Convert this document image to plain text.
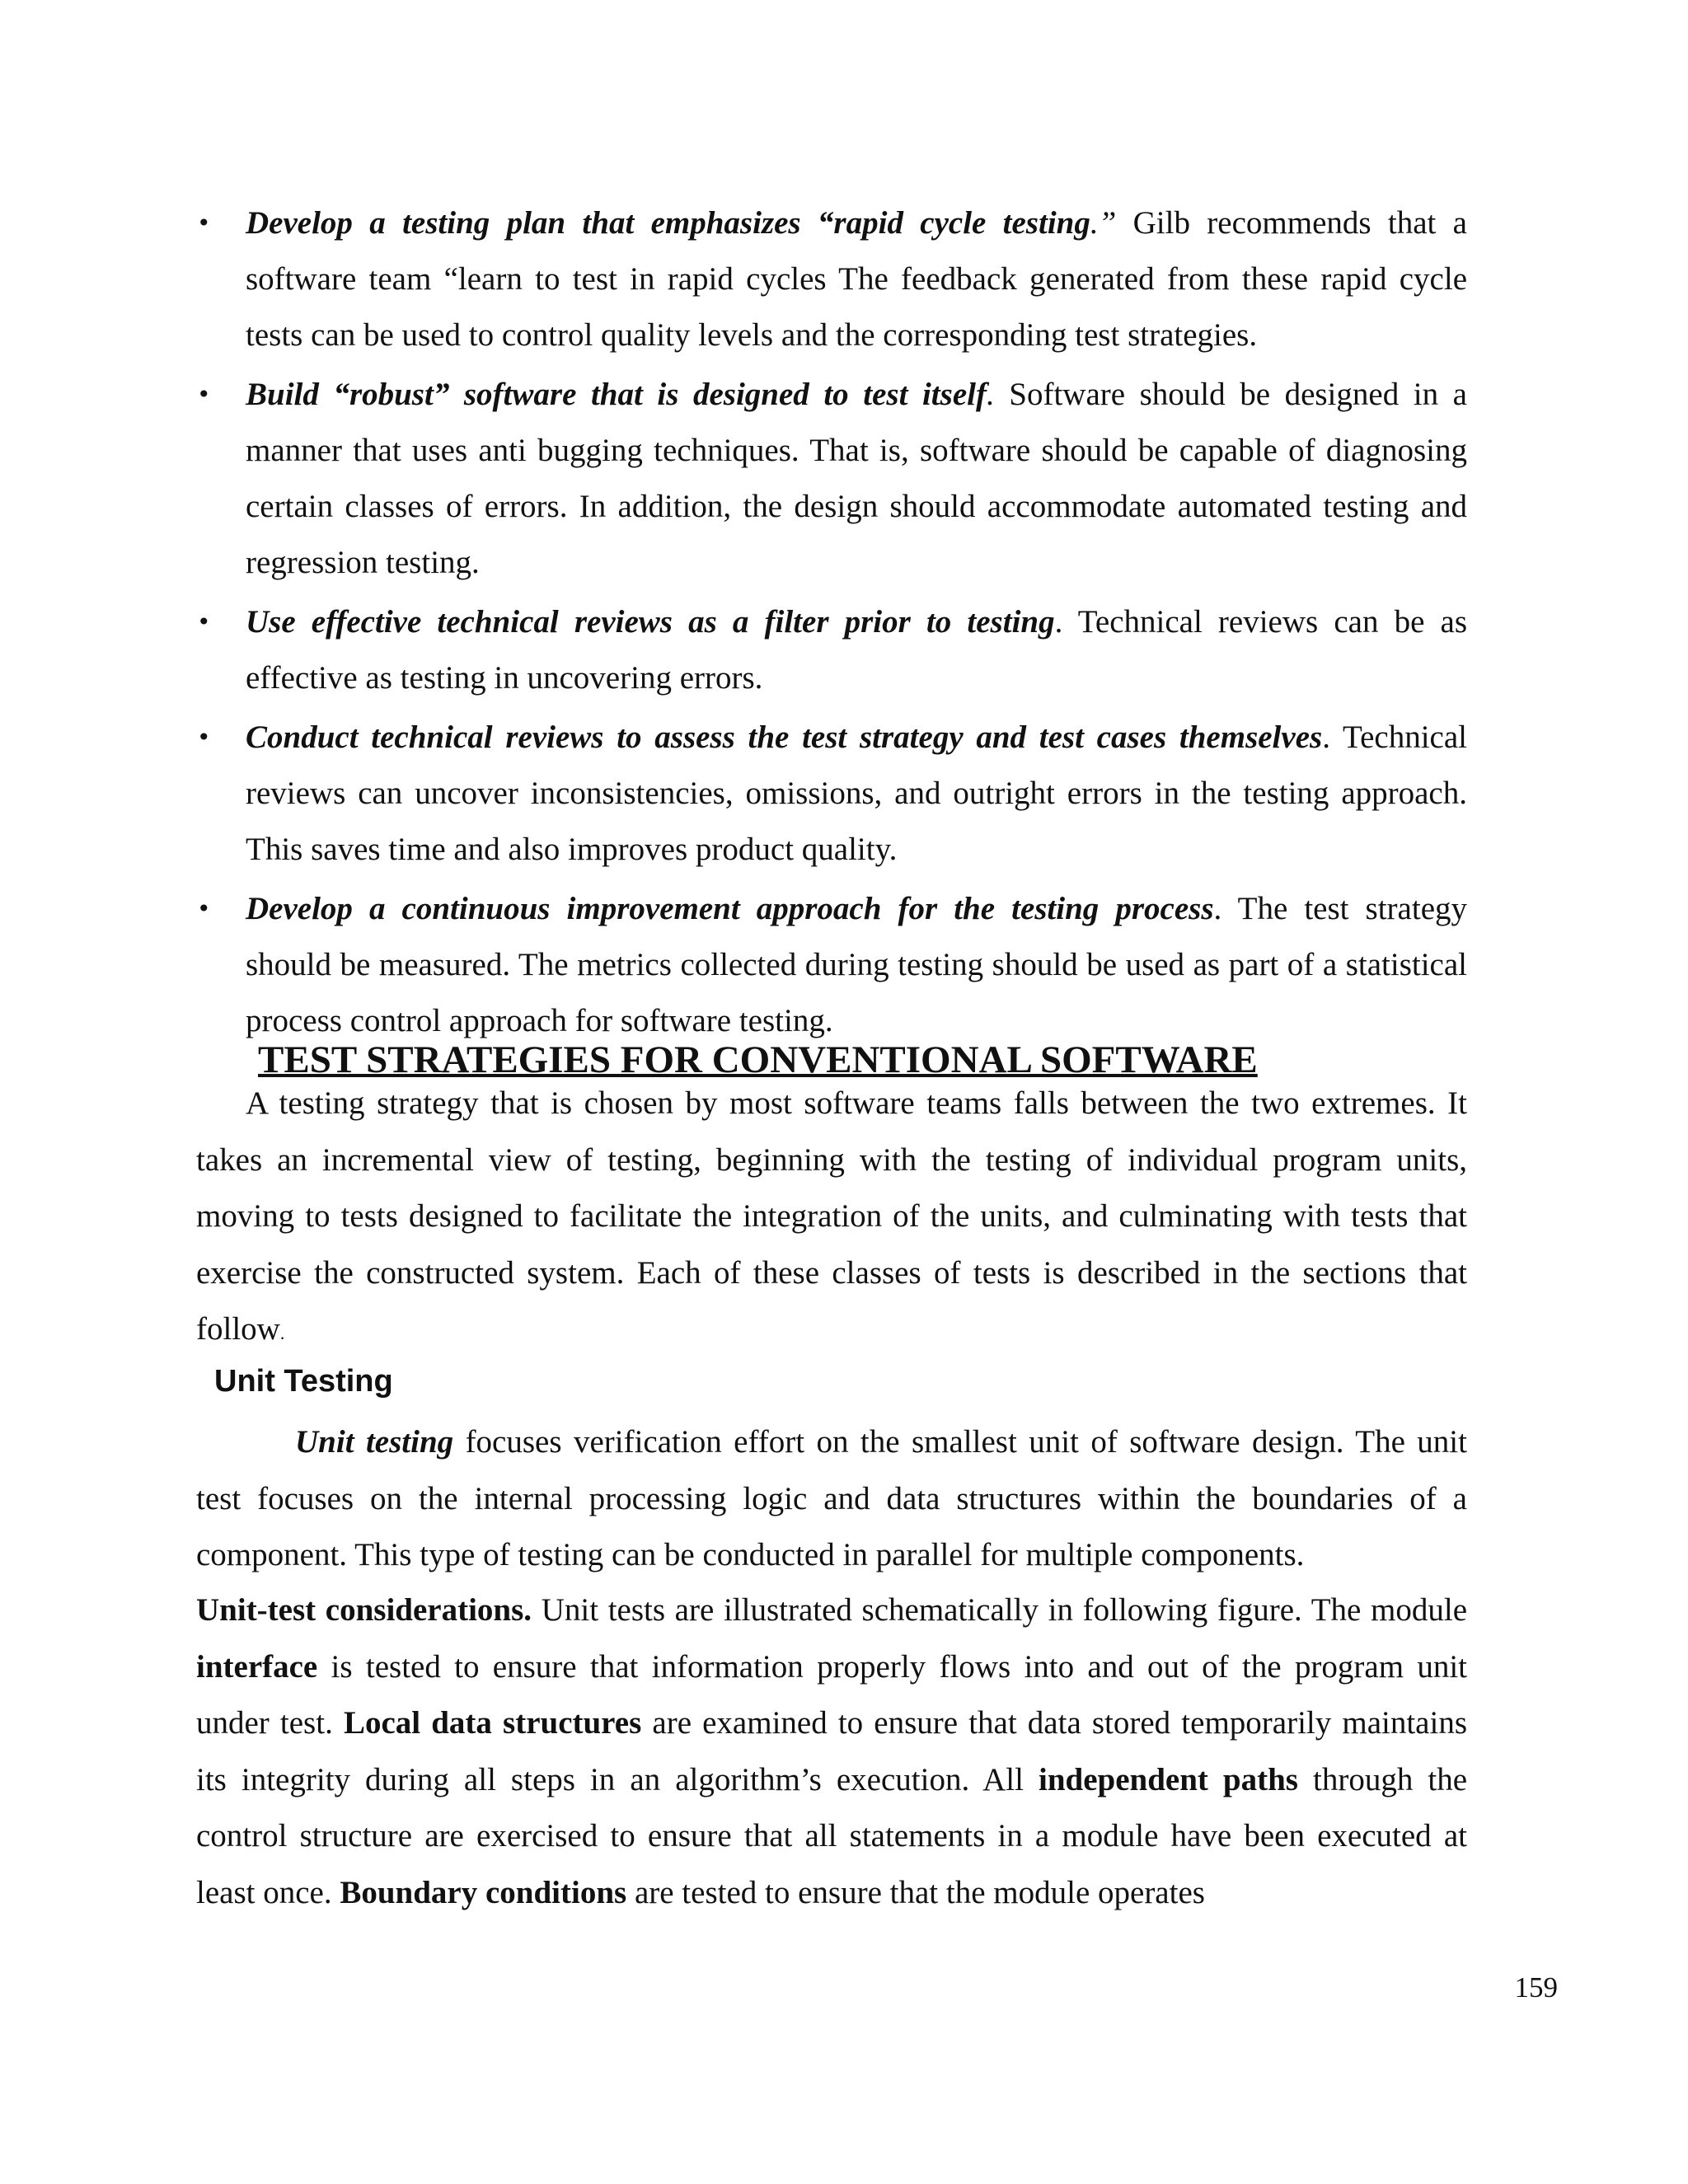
• Develop a testing plan that emphasizes “rapid cycle testing.” Gilb recommends that a software team “learn to test in rapid cycles The feedback generated from these rapid cycle tests can be used to control quality levels and the corresponding test strategies.
• Build “robust” software that is designed to test itself. Software should be designed in a manner that uses anti bugging techniques. That is, software should be capable of diagnosing certain classes of errors. In addition, the design should accommodate automated testing and regression testing.
• Use effective technical reviews as a filter prior to testing. Technical reviews can be as effective as testing in uncovering errors.
• Conduct technical reviews to assess the test strategy and test cases themselves. Technical reviews can uncover inconsistencies, omissions, and outright errors in the testing approach. This saves time and also improves product quality.
• Develop a continuous improvement approach for the testing process. The test strategy should be measured. The metrics collected during testing should be used as part of a statistical process control approach for software testing.
TEST STRATEGIES FOR CONVENTIONAL SOFTWARE

A testing strategy that is chosen by most software teams falls between the two extremes. It takes an incremental view of testing, beginning with the testing of individual program units, moving to tests designed to facilitate the integration of the units, and culminating with tests that exercise the constructed system. Each of these classes of tests is described in the sections that follow.

Unit Testing

Unit testing focuses verification effort on the smallest unit of software design. The unit test focuses on the internal processing logic and data structures within the boundaries of a component. This type of testing can be conducted in parallel for multiple components.

Unit-test considerations. Unit tests are illustrated schematically in following figure. The module interface is tested to ensure that information properly flows into and out of the program unit under test. Local data structures are examined to ensure that data stored temporarily maintains its integrity during all steps in an algorithm’s execution. All independent paths through the control structure are exercised to ensure that all statements in a module have been executed at least once. Boundary conditions are tested to ensure that the module operates

159
